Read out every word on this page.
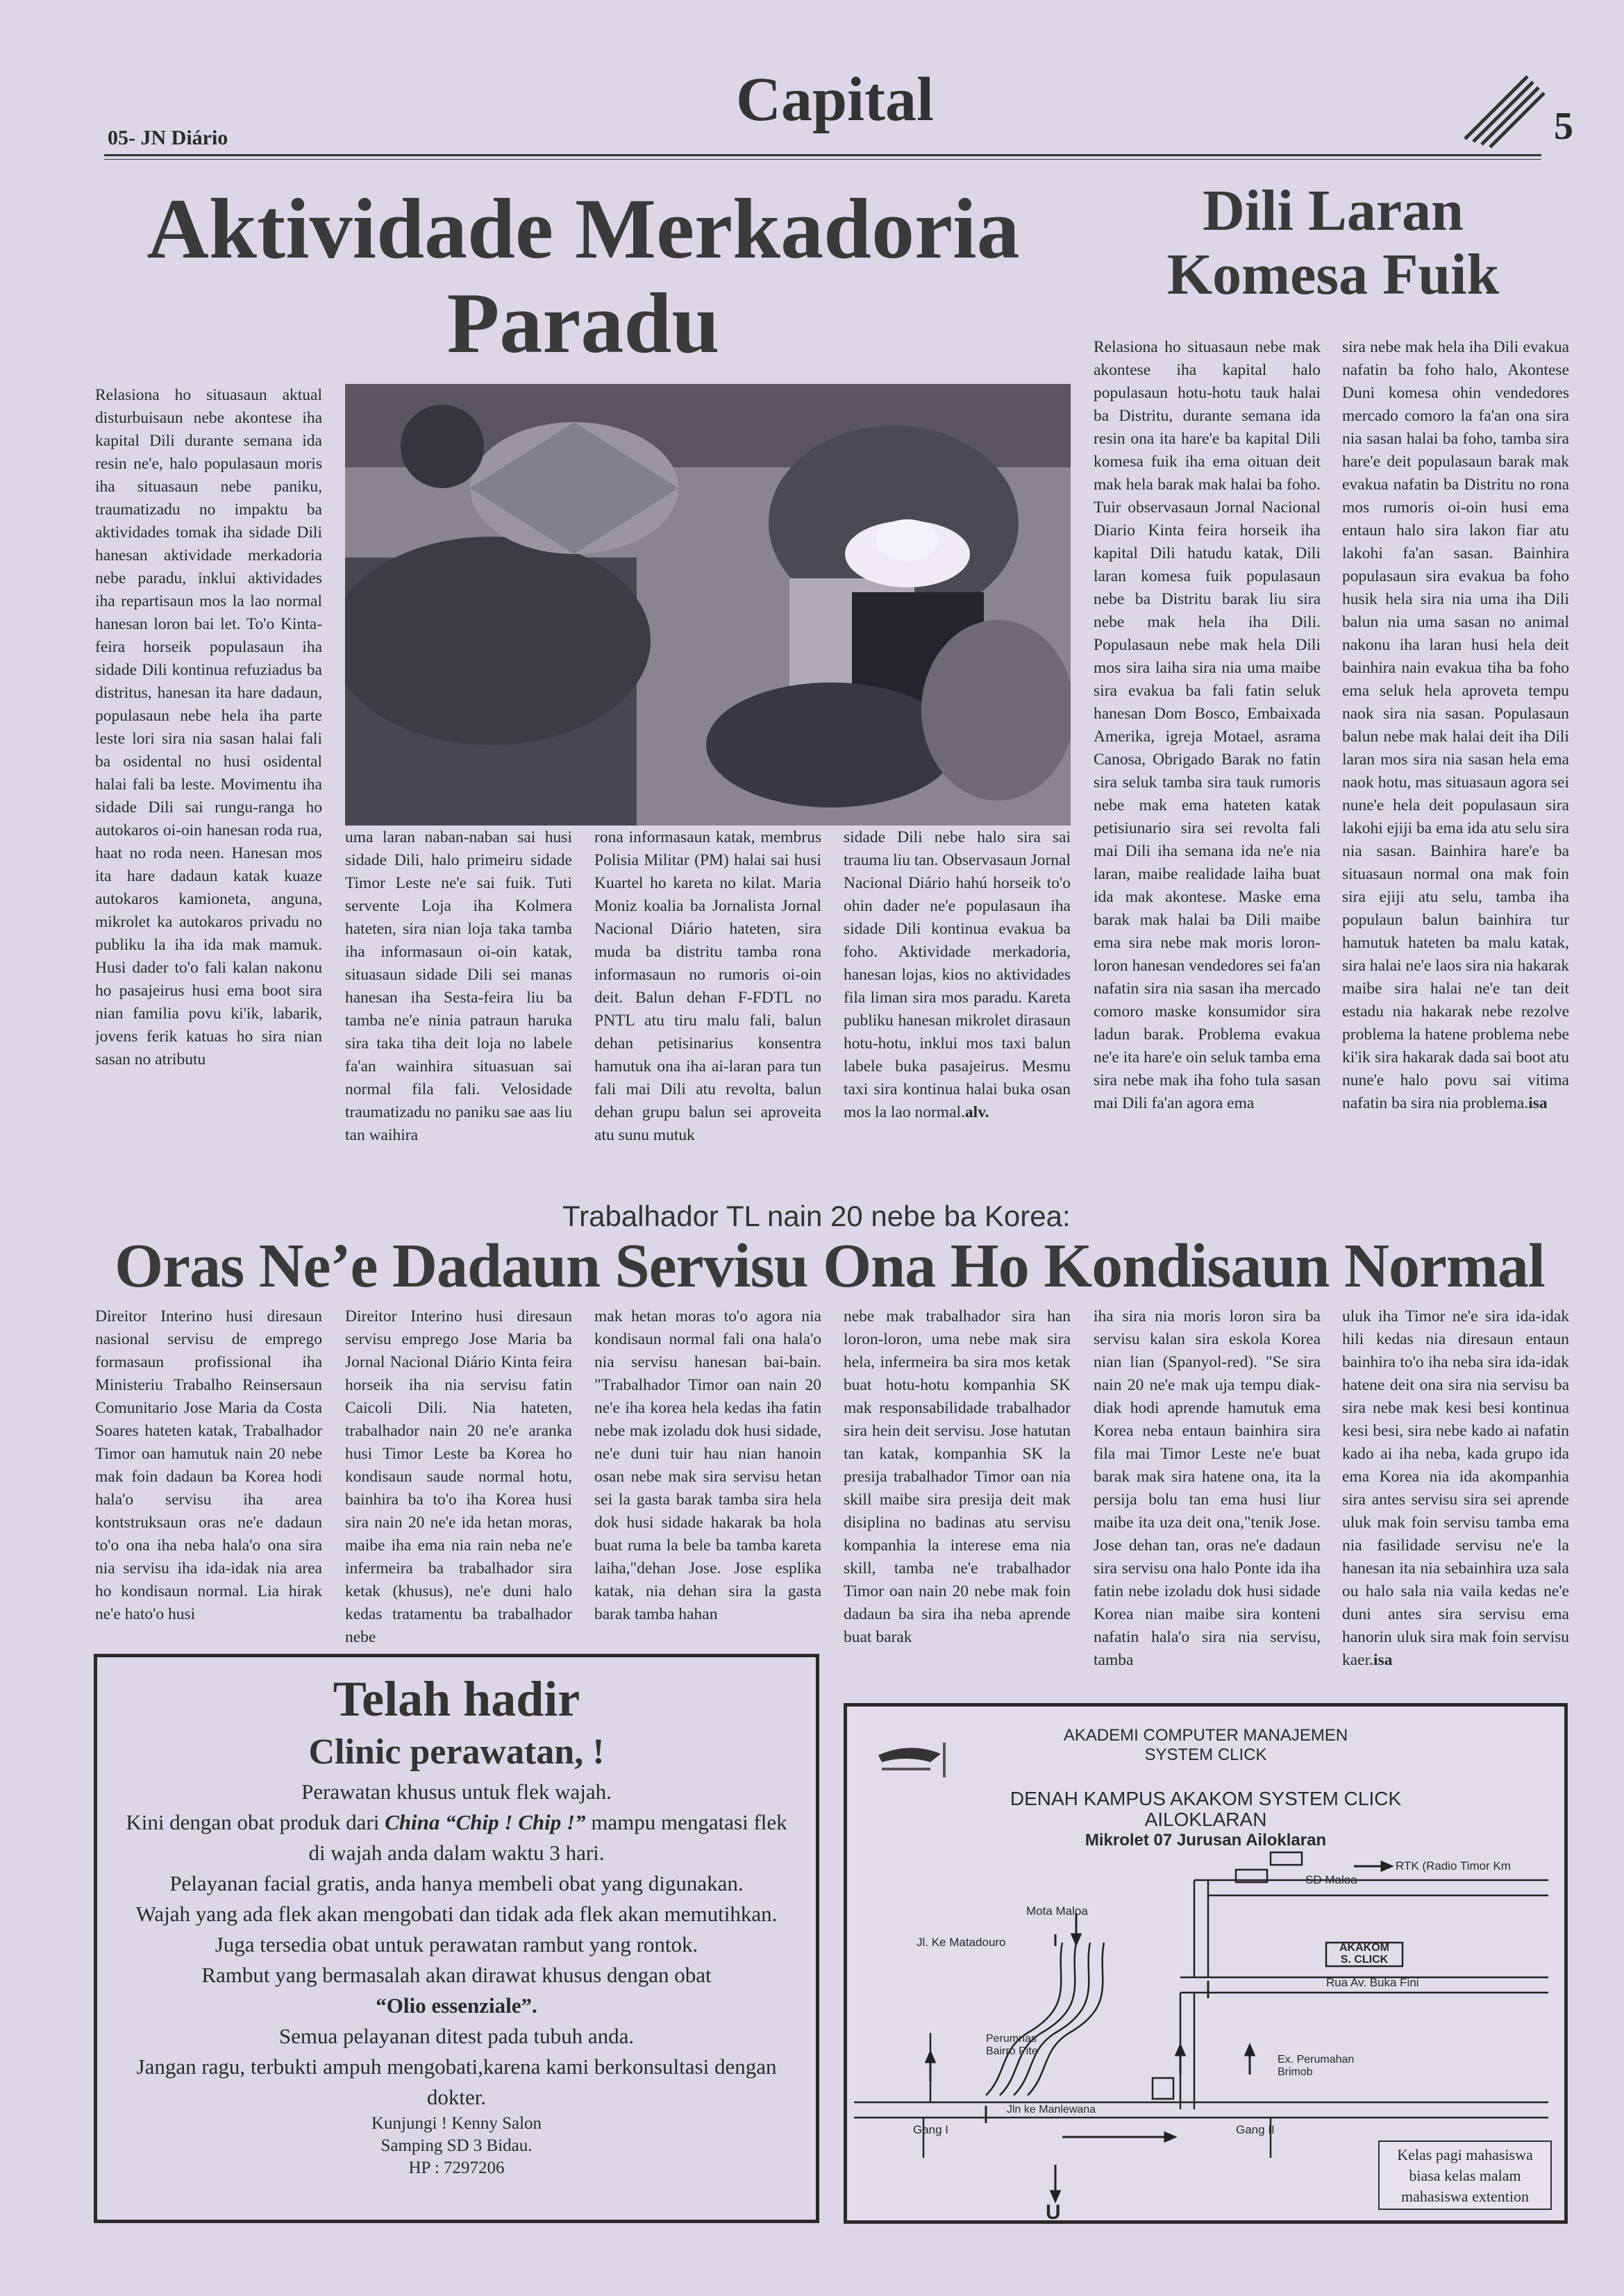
05- JN Diário
Capital	5
Aktividade Merkadoria
Paradu

Relasiona ho situasaun aktual disturbuisaun nebe akontese iha kapital Dili durante semana ida resin ne'e, halo populasaun moris iha situasaun nebe paniku, traumatizadu no impaktu ba aktividades tomak iha sidade Dili hanesan aktividade merkadoria nebe paradu, inklui aktividades iha repartisaun mos la lao normal hanesan loron bai let. To'o Kinta-feira horseik populasaun iha sidade Dili kontinua refuziadus ba distritus, hanesan ita hare dadaun, populasaun nebe hela iha parte leste lori sira nia sasan halai fali ba osidental no husi osidental halai fali ba leste. Movimentu iha sidade Dili sai rungu-ranga ho autokaros oi-oin hanesan roda rua, haat no roda neen. Hanesan mos ita hare dadaun katak kuaze autokaros kamioneta, anguna, mikrolet ka autokaros privadu no publiku la iha ida mak mamuk. Husi dader to'o fali kalan nakonu ho pasajeirus husi ema boot sira nian familia povu ki'ik, labarik, jovens ferik katuas ho sira nian sasan no atributu

uma laran naban-naban sai husi sidade Dili, halo primeiru sidade Timor Leste ne'e sai fuik. Tuti servente Loja iha Kolmera hateten, sira nian loja taka tamba iha informasaun oi-oin katak, situasaun sidade Dili sei manas hanesan iha Sesta-feira liu ba tamba ne'e ninia patraun haruka sira taka tiha deit loja no labele fa'an wainhira situasuan sai normal fila fali. Velosidade traumatizadu no paniku sae aas liu tan waihira

rona informasaun katak, membrus Polisia Militar (PM) halai sai husi Kuartel ho kareta no kilat. Maria Moniz koalia ba Jornalista Jornal Nacional Diário hateten, sira muda ba distritu tamba rona informasaun no rumoris oi-oin deit. Balun dehan F-FDTL no PNTL atu tiru malu fali, balun dehan petisinarius konsentra hamutuk ona iha ai-laran para tun fali mai Dili atu revolta, balun dehan grupu balun sei aproveita atu sunu mutuk

sidade Dili nebe halo sira sai trauma liu tan. Observasaun Jornal Nacional Diário hahú horseik to'o ohin dader ne'e populasaun iha sidade Dili kontinua evakua ba foho. Aktividade merkadoria, hanesan lojas, kios no aktividades fila liman sira mos paradu. Kareta publiku hanesan mikrolet dirasaun hotu-hotu, inklui mos taxi balun labele buka pasajeirus. Mesmu taxi sira kontinua halai buka osan mos la lao normal.alv.

Dili Laran
Komesa Fuik

Relasiona ho situasaun nebe mak akontese iha kapital halo populasaun hotu-hotu tauk halai ba Distritu, durante semana ida resin ona ita hare'e ba kapital Dili komesa fuik iha ema oituan deit mak hela barak mak halai ba foho. Tuir observasaun Jornal Nacional Diario Kinta feira horseik iha kapital Dili hatudu katak, Dili laran komesa fuik populasaun nebe ba Distritu barak liu sira nebe mak hela iha Dili. Populasaun nebe mak hela Dili mos sira laiha sira nia uma maibe sira evakua ba fali fatin seluk hanesan Dom Bosco, Embaixada Amerika, igreja Motael, asrama Canosa, Obrigado Barak no fatin sira seluk tamba sira tauk rumoris nebe mak ema hateten katak petisiunario sira sei revolta fali mai Dili iha semana ida ne'e nia laran, maibe realidade laiha buat ida mak akontese. Maske ema barak mak halai ba Dili maibe ema sira nebe mak moris loron-loron hanesan vendedores sei fa'an nafatin sira nia sasan iha mercado comoro maske konsumidor sira ladun barak. Problema evakua ne'e ita hare'e oin seluk tamba ema sira nebe mak iha foho tula sasan mai Dili fa'an agora ema

sira nebe mak hela iha Dili evakua nafatin ba foho halo, Akontese Duni komesa ohin vendedores mercado comoro la fa'an ona sira nia sasan halai ba foho, tamba sira hare'e deit populasaun barak mak evakua nafatin ba Distritu no rona mos rumoris oi-oin husi ema entaun halo sira lakon fiar atu lakohi fa'an sasan. Bainhira populasaun sira evakua ba foho husik hela sira nia uma iha Dili balun nia uma sasan no animal nakonu iha laran husi hela deit bainhira nain evakua tiha ba foho ema seluk hela aproveta tempu naok sira nia sasan. Populasaun balun nebe mak halai deit iha Dili laran mos sira nia sasan hela ema naok hotu, mas situasaun agora sei nune'e hela deit populasaun sira lakohi ejiji ba ema ida atu selu sira nia sasan. Bainhira hare'e ba situasaun normal ona mak foin sira ejiji atu selu, tamba iha populaun balun bainhira tur hamutuk hateten ba malu katak, sira halai ne'e laos sira nia hakarak maibe sira halai ne'e tan deit estadu nia hakarak nebe rezolve problema la hatene problema nebe ki'ik sira hakarak dada sai boot atu nune'e halo povu sai vitima nafatin ba sira nia problema.isa

Trabalhador TL nain 20 nebe ba Korea:
Oras Ne’e Dadaun Servisu Ona Ho Kondisaun Normal

Direitor Interino husi diresaun nasional servisu de emprego formasaun profissional iha Ministeriu Trabalho Reinsersaun Comunitario Jose Maria da Costa Soares hateten katak, Trabalhador Timor oan hamutuk nain 20 nebe mak foin dadaun ba Korea hodi hala'o servisu iha area kontstruksaun oras ne'e dadaun to'o ona iha neba hala'o ona sira nia servisu iha ida-idak nia area ho kondisaun normal. Lia hirak ne'e hato'o husi

Direitor Interino husi diresaun servisu emprego Jose Maria ba Jornal Nacional Diário Kinta feira horseik iha nia servisu fatin Caicoli Dili. Nia hateten, trabalhador nain 20 ne'e aranka husi Timor Leste ba Korea ho kondisaun saude normal hotu, bainhira ba to'o iha Korea husi sira nain 20 ne'e ida hetan moras, maibe iha ema nia rain neba ne'e infermeira ba trabalhador sira ketak (khusus), ne'e duni halo kedas tratamentu ba trabalhador nebe

mak hetan moras to'o agora nia kondisaun normal fali ona hala'o nia servisu hanesan bai-bain. "Trabalhador Timor oan nain 20 ne'e iha korea hela kedas iha fatin nebe mak izoladu dok husi sidade, ne'e duni tuir hau nian hanoin osan nebe mak sira servisu hetan sei la gasta barak tamba sira hela dok husi sidade hakarak ba hola buat ruma la bele ba tamba kareta laiha,"dehan Jose. Jose esplika katak, nia dehan sira la gasta barak tamba hahan

nebe mak trabalhador sira han loron-loron, uma nebe mak sira hela, infermeira ba sira mos ketak buat hotu-hotu kompanhia SK mak responsabilidade trabalhador sira hein deit servisu. Jose hatutan tan katak, kompanhia SK la presija trabalhador Timor oan nia skill maibe sira presija deit mak disiplina no badinas atu servisu kompanhia la interese ema nia skill, tamba ne'e trabalhador Timor oan nain 20 nebe mak foin dadaun ba sira iha neba aprende buat barak

iha sira nia moris loron sira ba servisu kalan sira eskola Korea nian lian (Spanyol-red). "Se sira nain 20 ne'e mak uja tempu diak-diak hodi aprende hamutuk ema Korea neba entaun bainhira sira fila mai Timor Leste ne'e buat barak mak sira hatene ona, ita la persija bolu tan ema husi liur maibe ita uza deit ona,"tenik Jose. Jose dehan tan, oras ne'e dadaun sira servisu ona halo Ponte ida iha fatin nebe izoladu dok husi sidade Korea nian maibe sira konteni nafatin hala'o sira nia servisu, tamba

uluk iha Timor ne'e sira ida-idak hili kedas nia diresaun entaun bainhira to'o iha neba sira ida-idak hatene deit ona sira nia servisu ba sira nebe mak kesi besi kontinua kesi besi, sira nebe kado ai nafatin kado ai iha neba, kada grupo ida ema Korea nia ida akompanhia sira antes servisu sira sei aprende uluk mak foin servisu tamba ema nia fasilidade servisu ne'e la hanesan ita nia sebainhira uza sala ou halo sala nia vaila kedas ne'e duni antes sira servisu ema hanorin uluk sira mak foin servisu kaer.isa

Telah hadir
Clinic perawatan, !

Perawatan khusus untuk flek wajah.

Kini dengan obat produk dari China “Chip ! Chip !” mampu mengatasi flek di wajah anda dalam waktu 3 hari.

Pelayanan facial gratis, anda hanya membeli obat yang digunakan.

Wajah yang ada flek akan mengobati dan tidak ada flek akan memutihkan.

Juga tersedia obat untuk perawatan rambut yang rontok.

Rambut yang bermasalah akan dirawat khusus dengan obat

“Olio essenziale”.

Semua pelayanan ditest pada tubuh anda.

Jangan ragu, terbukti ampuh mengobati,karena kami berkonsultasi dengan dokter.

Kunjungi ! Kenny Salon

Samping SD 3 Bidau.

HP : 7297206

AKADEMI COMPUTER MANAJEMEN
SYSTEM CLICK
DENAH KAMPUS AKAKOM SYSTEM CLICK
AILOKLARAN
Mikrolet 07 Jurusan Ailoklaran
RTK (Radio Timor Km
SD Maloa
Mota Maloa
Jl. Ke Matadouro	AKAKOM
S. CLICK
Rua Av. Buka Fini
Perumnas
Bairro Pite
Ex. Perumahan
Brimob
Jln ke Manlewana
Gang I	Gang II
U
Kelas pagi mahasiswa
biasa kelas malam
mahasiswa extention
